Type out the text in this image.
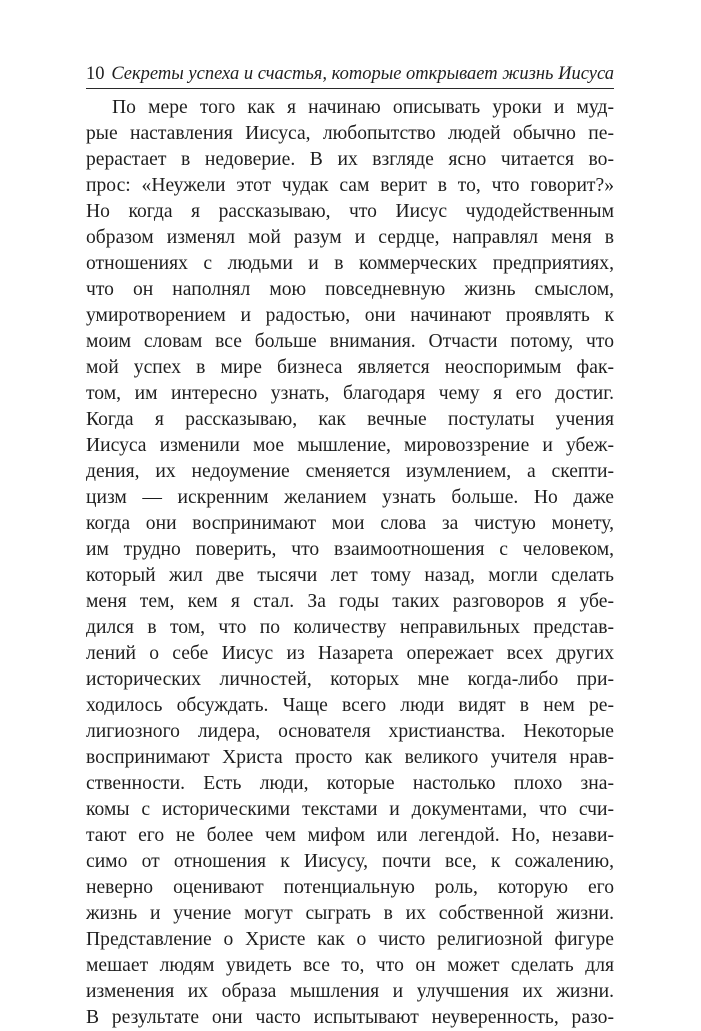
10 Секреты успеха и счастья, которые открывает жизнь Иисуса
По мере того как я начинаю описывать уроки и муд-
рые наставления Иисуса, любопытство людей обычно пе-
рерастает в недоверие. В их взгляде ясно читается во-
прос: «Неужели этот чудак сам верит в то, что говорит?»
Но когда я рассказываю, что Иисус чудодейственным
образом изменял мой разум и сердце, направлял меня в
отношениях с людьми и в коммерческих предприятиях,
что он наполнял мою повседневную жизнь смыслом,
умиротворением и радостью, они начинают проявлять к
моим словам все больше внимания. Отчасти потому, что
мой успех в мире бизнеса является неоспоримым фак-
том, им интересно узнать, благодаря чему я его достиг.
Когда я рассказываю, как вечные постулаты учения
Иисуса изменили мое мышление, мировоззрение и убеж-
дения, их недоумение сменяется изумлением, а скепти-
цизм — искренним желанием узнать больше. Но даже
когда они воспринимают мои слова за чистую монету,
им трудно поверить, что взаимоотношения с человеком,
который жил две тысячи лет тому назад, могли сделать
меня тем, кем я стал. За годы таких разговоров я убе-
дился в том, что по количеству неправильных представ-
лений о себе Иисус из Назарета опережает всех других
исторических личностей, которых мне когда-либо при-
ходилось обсуждать. Чаще всего люди видят в нем ре-
лигиозного лидера, основателя христианства. Некоторые
воспринимают Христа просто как великого учителя нрав-
ственности. Есть люди, которые настолько плохо зна-
комы с историческими текстами и документами, что счи-
тают его не более чем мифом или легендой. Но, незави-
симо от отношения к Иисусу, почти все, к сожалению,
неверно оценивают потенциальную роль, которую его
жизнь и учение могут сыграть в их собственной жизни.
Представление о Христе как о чисто религиозной фигуре
мешает людям увидеть все то, что он может сделать для
изменения их образа мышления и улучшения их жизни.
В результате они часто испытывают неуверенность, разо-
